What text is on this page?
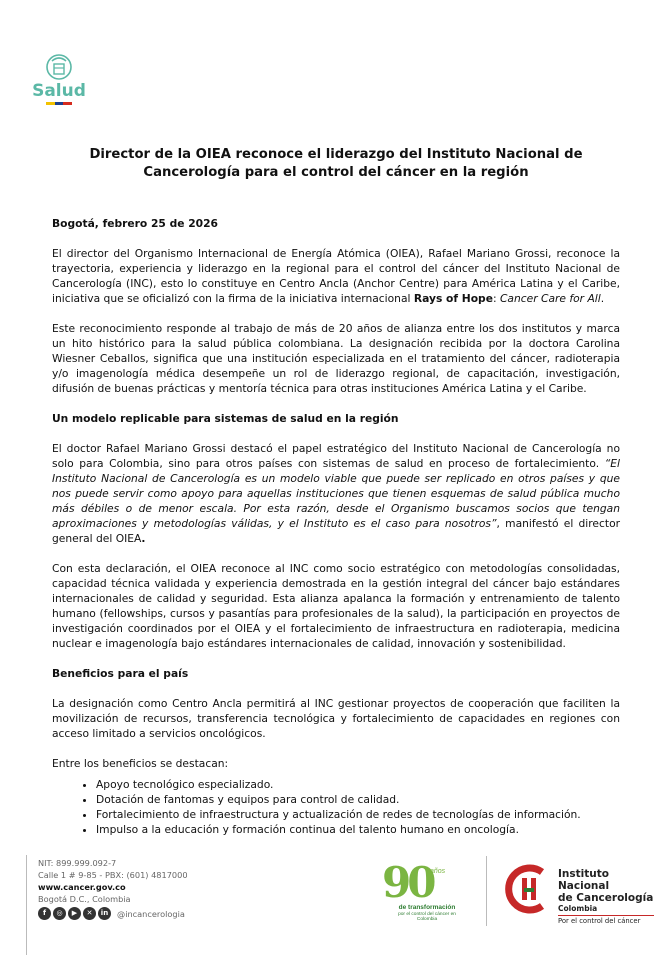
Salud
Director de la OIEA reconoce el liderazgo del Instituto Nacional de Cancerología para el control del cáncer en la región

Bogotá, febrero 25 de 2026

El director del Organismo Internacional de Energía Atómica (OIEA), Rafael Mariano Grossi, reconoce la trayectoria, experiencia y liderazgo en la regional para el control del cáncer del Instituto Nacional de Cancerología (INC), esto lo constituye en Centro Ancla (Anchor Centre) para América Latina y el Caribe, iniciativa que se oficializó con la firma de la iniciativa internacional Rays of Hope: Cancer Care for All.

Este reconocimiento responde al trabajo de más de 20 años de alianza entre los dos institutos y marca un hito histórico para la salud pública colombiana. La designación recibida por la doctora Carolina Wiesner Ceballos, significa que una institución especializada en el tratamiento del cáncer, radioterapia y/o imagenología médica desempeñe un rol de liderazgo regional, de capacitación, investigación, difusión de buenas prácticas y mentoría técnica para otras instituciones América Latina y el Caribe.

Un modelo replicable para sistemas de salud en la región

El doctor Rafael Mariano Grossi destacó el papel estratégico del Instituto Nacional de Cancerología no solo para Colombia, sino para otros países con sistemas de salud en proceso de fortalecimiento. “El Instituto Nacional de Cancerología es un modelo viable que puede ser replicado en otros países y que nos puede servir como apoyo para aquellas instituciones que tienen esquemas de salud pública mucho más débiles o de menor escala. Por esta razón, desde el Organismo buscamos socios que tengan aproximaciones y metodologías válidas, y el Instituto es el caso para nosotros”, manifestó el director general del OIEA.

Con esta declaración, el OIEA reconoce al INC como socio estratégico con metodologías consolidadas, capacidad técnica validada y experiencia demostrada en la gestión integral del cáncer bajo estándares internacionales de calidad y seguridad. Esta alianza apalanca la formación y entrenamiento de talento humano (fellowships, cursos y pasantías para profesionales de la salud), la participación en proyectos de investigación coordinados por el OIEA y el fortalecimiento de infraestructura en radioterapia, medicina nuclear e imagenología bajo estándares internacionales de calidad, innovación y sostenibilidad.

Beneficios para el país

La designación como Centro Ancla permitirá al INC gestionar proyectos de cooperación que faciliten la movilización de recursos, transferencia tecnológica y fortalecimiento de capacidades en regiones con acceso limitado a servicios oncológicos.

Entre los beneficios se destacan:

• Apoyo tecnológico especializado.
• Dotación de fantomas y equipos para control de calidad.
• Fortalecimiento de infraestructura y actualización de redes de tecnologías de información.
• Impulso a la educación y formación continua del talento humano en oncología.
NIT: 899.999.092-7
Calle 1 # 9-85 - PBX: (601) 4817000
www.cancer.gov.co
Bogotá D.C., Colombia
f	◎	▶	✕	in	@incancerologia
90
años
de transformación
por el control del cáncer en Colombia
Instituto Nacional
de Cancerología
Colombia
Por el control del cáncer
